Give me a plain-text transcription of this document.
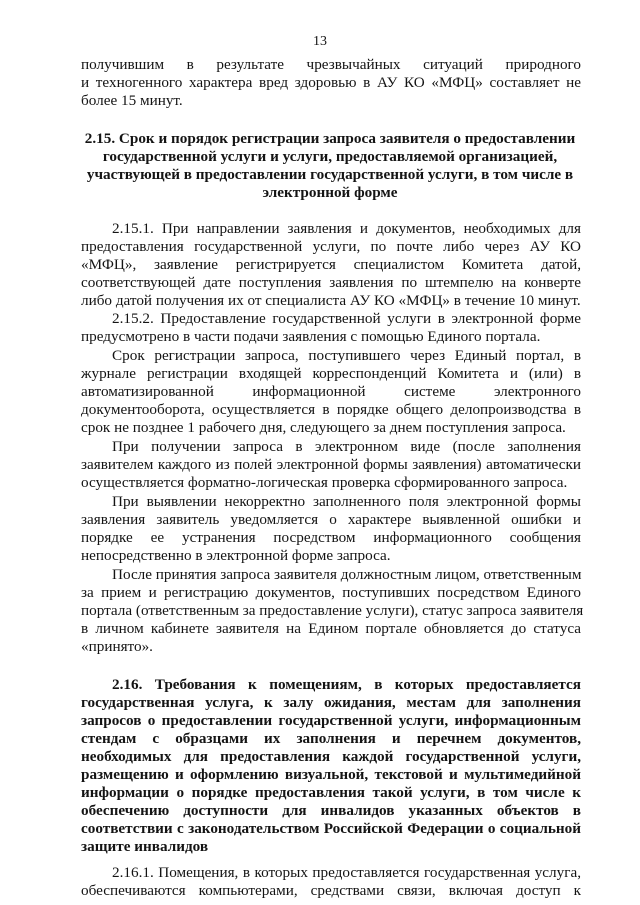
13
получившим в результате чрезвычайных ситуаций природного
и техногенного характера вред здоровью в АУ КО «МФЦ» составляет не
более 15 минут.
2.15. Срок и порядок регистрации запроса заявителя о предоставлении
государственной услуги и услуги, предоставляемой организацией,
участвующей в предоставлении государственной услуги, в том числе в
электронной форме
2.15.1. При направлении заявления и документов, необходимых для
предоставления государственной услуги, по почте либо через АУ КО
«МФЦ», заявление регистрируется специалистом Комитета датой,
соответствующей дате поступления заявления по штемпелю на конверте
либо датой получения их от специалиста АУ КО «МФЦ» в течение 10 минут.
2.15.2. Предоставление государственной услуги в электронной форме
предусмотрено в части подачи заявления с помощью Единого портала.
Срок регистрации запроса, поступившего через Единый портал, в
журнале регистрации входящей корреспонденций Комитета и (или) в
автоматизированной информационной системе электронного
документооборота, осуществляется в порядке общего делопроизводства в
срок не позднее 1 рабочего дня, следующего за днем поступления запроса.
При получении запроса в электронном виде (после заполнения
заявителем каждого из полей электронной формы заявления) автоматически
осуществляется форматно-логическая проверка сформированного запроса.
При выявлении некорректно заполненного поля электронной формы
заявления заявитель уведомляется о характере выявленной ошибки и
порядке ее устранения посредством информационного сообщения
непосредственно в электронной форме запроса.
После принятия запроса заявителя должностным лицом, ответственным
за прием и регистрацию документов, поступивших посредством Единого
портала (ответственным за предоставление услуги), статус запроса заявителя
в личном кабинете заявителя на Едином портале обновляется до статуса
«принято».
2.16. Требования к помещениям, в которых предоставляется
государственная услуга, к залу ожидания, местам для заполнения
запросов о предоставлении государственной услуги, информационным
стендам с образцами их заполнения и перечнем документов,
необходимых для предоставления каждой государственной услуги,
размещению и оформлению визуальной, текстовой и мультимедийной
информации о порядке предоставления такой услуги, в том числе к
обеспечению доступности для инвалидов указанных объектов в
соответствии с законодательством Российской Федерации о социальной
защите инвалидов
2.16.1. Помещения, в которых предоставляется государственная услуга,
обеспечиваются компьютерами, средствами связи, включая доступ к
